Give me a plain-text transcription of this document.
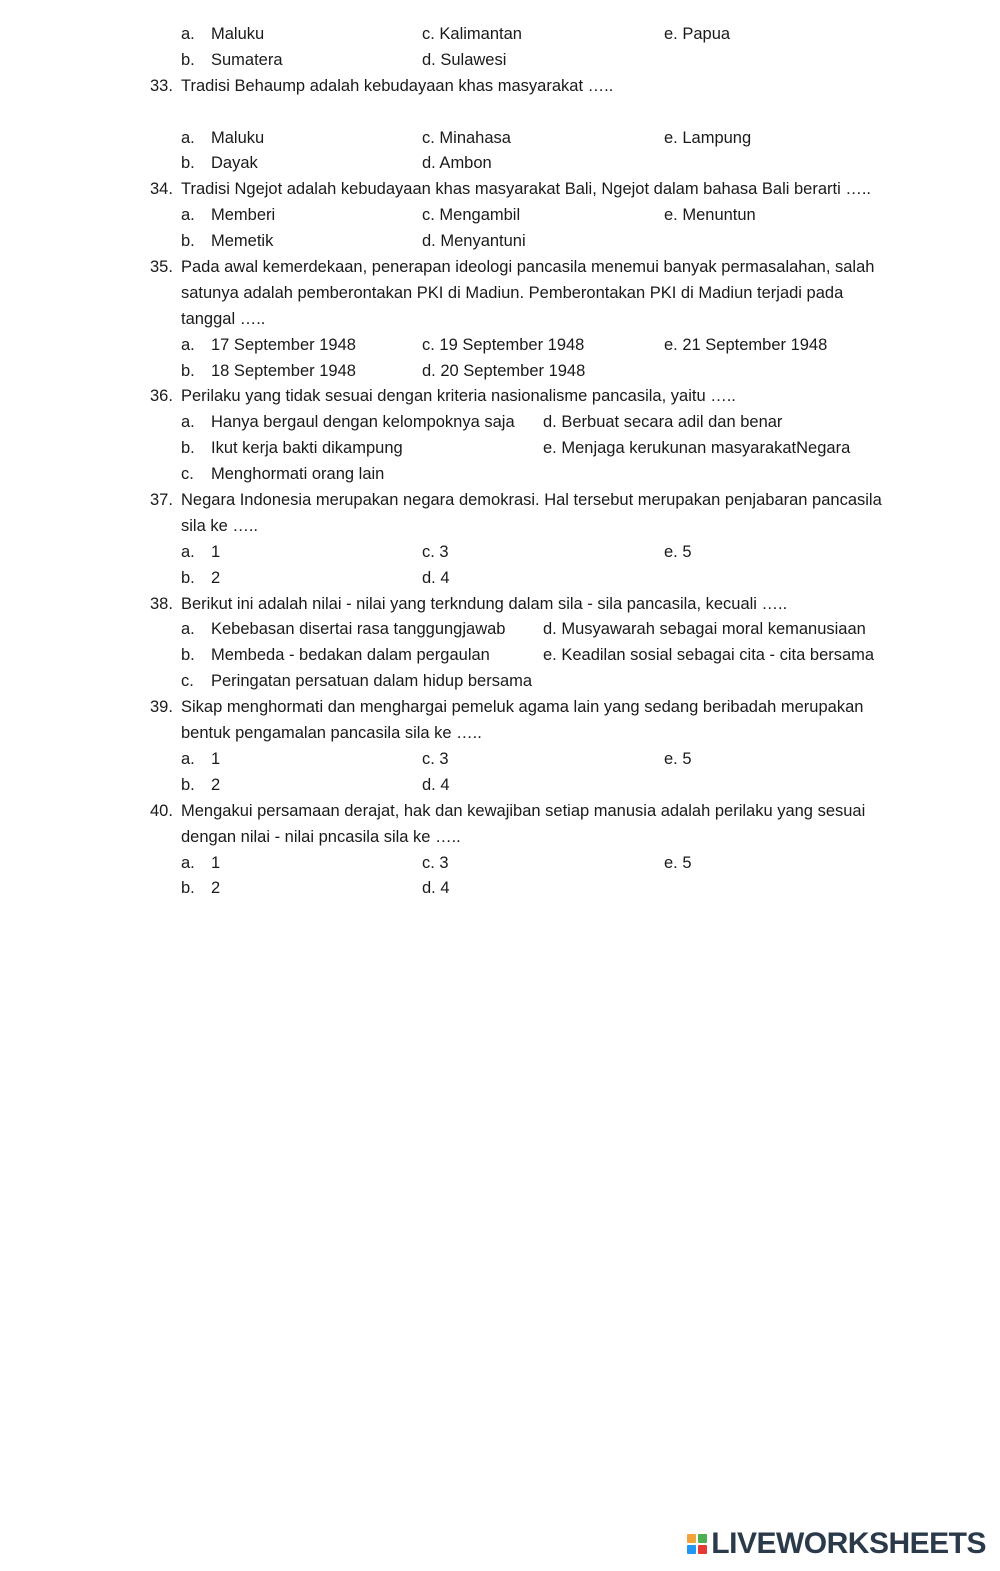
a. Maluku	c. Kalimantan	e. Papua
b. Sumatera	d. Sulawesi
33. Tradisi Behaump adalah kebudayaan khas masyarakat …..
a. Maluku	c. Minahasa	e. Lampung
b. Dayak	d. Ambon
34. Tradisi Ngejot adalah kebudayaan khas masyarakat Bali, Ngejot dalam bahasa Bali berarti …..
a. Memberi	c. Mengambil	e. Menuntun
b. Memetik	d. Menyantuni
35. Pada awal kemerdekaan, penerapan ideologi pancasila menemui banyak permasalahan, salah
satunya adalah pemberontakan PKI di Madiun. Pemberontakan PKI di Madiun terjadi pada
tanggal …..
a. 17 September 1948	c. 19 September 1948	e. 21 September 1948
b. 18 September 1948	d. 20 September 1948
36. Perilaku yang tidak sesuai dengan kriteria nasionalisme pancasila, yaitu …..
a. Hanya bergaul dengan kelompoknya saja d. Berbuat secara adil dan benar
b. Ikut kerja bakti dikampung	e. Menjaga kerukunan masyarakatNegara
c. Menghormati orang lain
37. Negara Indonesia merupakan negara demokrasi. Hal tersebut merupakan penjabaran pancasila
sila ke …..
a. 1	c. 3	e. 5
b. 2	d. 4
38. Berikut ini adalah nilai - nilai yang terkndung dalam sila - sila pancasila, kecuali …..
a. Kebebasan disertai rasa tanggungjawab d. Musyawarah sebagai moral kemanusiaan
b. Membeda - bedakan dalam pergaulan	e. Keadilan sosial sebagai cita - cita bersama
c. Peringatan persatuan dalam hidup bersama
39. Sikap menghormati dan menghargai pemeluk agama lain yang sedang beribadah merupakan
bentuk pengamalan pancasila sila ke …..
a. 1	c. 3	e. 5
b. 2	d. 4
40. Mengakui persamaan derajat, hak dan kewajiban setiap manusia adalah perilaku yang sesuai
dengan nilai - nilai pncasila sila ke …..
a. 1	c. 3	e. 5
b. 2	d. 4
LIVEWORKSHEETS
